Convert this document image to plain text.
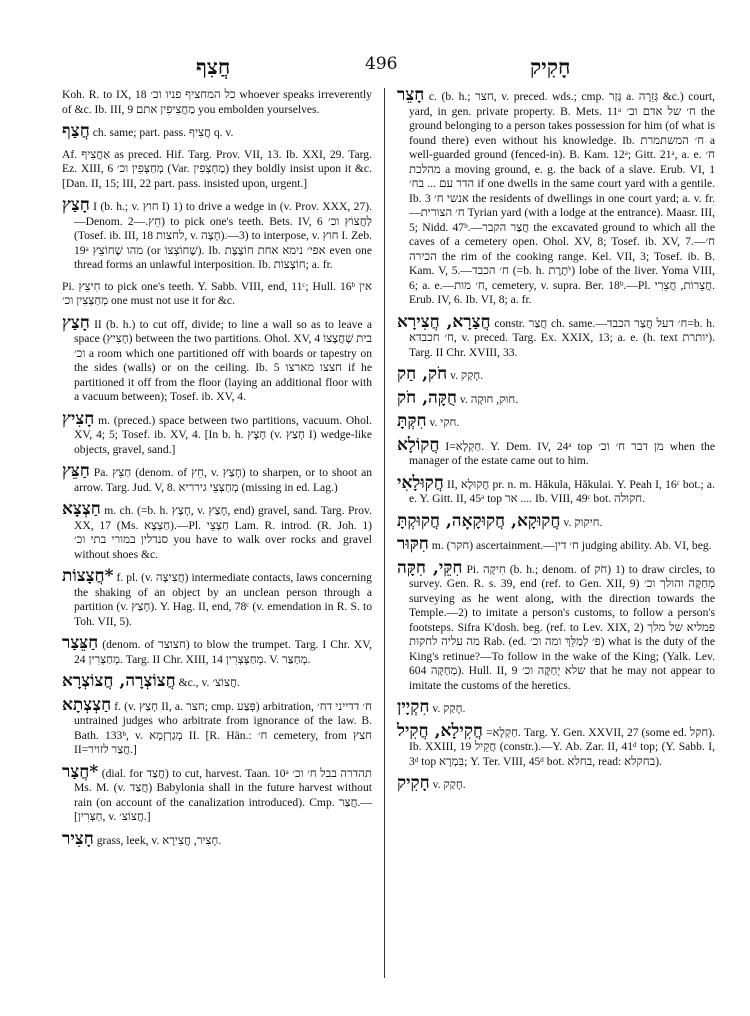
חֲצִף	496	חָקִיק

Koh. R. to IX, 18 כל המחציף פניו וכ׳ whoever speaks irreverently of &c. Ib. III, 9 מַחֲצִיפִין אתם you embolden yourselves.

חֲצַף ch. same; part. pass. חֲצִיף q. v.

Af. אַחֲצִיף as preced. Hif. Targ. Prov. VII, 13. Ib. XXI, 29. Targ. Ez. XIII, 6 מְחַצְּפִין וכ׳ (Var. מַחְצְפִין) they boldly insist upon it &c. [Dan. II, 15; III, 22 part. pass. insisted upon, urgent.]

חָצַץ I (b. h.; v. חוץ I) 1) to drive a wedge in (v. Prov. XXX, 27).—Denom. חֵץ.—2) to pick one's teeth. Bets. IV, 6 לַחֲצוֹץ וכ׳ (Tosef. ib. III, 18 לחצות, v. חָצָה).—3) to interpose, v. חוץ I. Zeb. 19ᵃ מהו שֶׁחוֹצֵץ (or שֶׁחוֹצְצוֹ). Ib. אפי׳ נימא אחת חוֹצֶצֶת even one thread forms an unlawful interposition. Ib. חוֹצְצוֹת; a. fr.

Pi. חִיצֵץ to pick one's teeth. Y. Sabb. VIII, end, 11ᶜ; Hull. 16ᵇ אין מְחַצְּצִין וכ׳ one must not use it for &c.

חָצַץ II (b. h.) to cut off, divide; to line a wall so as to leave a space (חָצִיץ) between the two partitions. Ohol. XV, 4 בית שֶׁחֲצָצוֹ וכ׳ a room which one partitioned off with boards or tapestry on the sides (walls) or on the ceiling. Ib. 5 חצצו מארצו if he partitioned it off from the floor (laying an additional floor with a vacuum between); Tosef. ib. XV, 4.

חָצִיץ m. (preced.) space between two partitions, vacuum. Ohol. XV, 4; 5; Tosef. ib. XV, 4. [In b. h. חָצָץ (v. חָצַץ I) wedge-like objects, gravel, sand.]

חַצֵּץ Pa. חַצֵּץ (denom. of חֵץ, v. חָצַץ) to sharpen, or to shoot an arrow. Targ. Jud. V, 8. מְחַצְּצֵי גירריא (missing in ed. Lag.)

חַצְצָא m. ch. (=b. h. חָצָץ, v. חָצַץ, end) gravel, sand. Targ. Prov. XX, 17 (Ms. חַצְצָא).—Pl. חַצְצֵי Lam. R. introd. (R. Joh. 1) סנדלין במורי בתי וכ׳ you have to walk over rocks and gravel without shoes &c.

*חֲצָצוֹת f. pl. (v. חֲצִיצָה) intermediate contacts, laws concerning the shaking of an object by an unclean person through a partition (v. חָצַץ). Y. Hag. II, end, 78ᶜ (v. emendation in R. S. to Toh. VII, 5).

חַצֵּצַר (denom. of חצוצר) to blow the trumpet. Targ. I Chr. XV, 24 מְחַצְּרִין. Targ. II Chr. XIII, 14 מְחַצְּצְרִין. V. מְחַצַּר.

חֲצוֹצְרָה, חֲצוֹצְרָא &c., v. חֲצוֹצ׳.

חַצְצְתָא f. (v. חָצַץ II, a. חצר; cmp. פְּצַע) arbitration, ח׳ דדייני דח׳ untrained judges who arbitrate from ignorance of the law. B. Bath. 133ᵇ, v. מְגַרְזְמָא II. [R. Hän.: ח׳ cemetery, from חצץ II=חֲצַר לזויר.]

*חֲצַר (dial. for חֲצַד) to cut, harvest. Taan. 10ᵃ תהדרה בבל ח׳ וכ׳ Ms. M. (v. חֲצַד) Babylonia shall in the future harvest without rain (on account of the canalization introduced). Cmp. חֲצַר.—[חַצְּרִין, v. חֲצוֹצ׳.]

חָצִיר grass, leek, v. חָצִיר, חֲצִירָא.

חָצֵר c. (b. h.; חצר, v. preced. wds.; cmp. גָּזַר a. גְּזֵרָה &c.) court, yard, in gen. private property. B. Mets. 11ᵃ ח׳ של אדם וכ׳ the ground belonging to a person takes possession for him (of what is found there) even without his knowledge. Ib. ח׳ המשתמרת a well-guarded ground (fenced-in). B. Kam. 12ᵃ; Gitt. 21ᵃ, a. e. ח׳ מהלכת a moving ground, e. g. the back of a slave. Erub. VI, 1 הדר עם ... בח׳ if one dwells in the same court yard with a gentile. Ib. 3 אנשי ח׳ the residents of dwellings in one court yard; a. v. fr.—ח׳ הצורית Tyrian yard (with a lodge at the entrance). Maasr. III, 5; Nidd. 47ᵇ.—חֲצַר הקבר the excavated ground to which all the caves of a cemetery open. Ohol. XV, 8; Tosef. ib. XV, 7.—ח׳ הכירה the rim of the cooking range. Kel. VII, 3; Tosef. ib. B. Kam. V, 5.—ח׳ הכבד (=b. h. יֹתֶרֶת) lobe of the liver. Yoma VIII, 6; a. e.—ח׳ מות, cemetery, v. supra. Ber. 18ᵇ.—Pl. חֲצֵרוֹת, חֲצֵרִי. Erub. IV, 6. Ib. VI, 8; a. fr.

חֲצַרָא, חֲצִירָא constr. חֲצַר ch. same.—ח׳ דעל חֲצַר הכבד=b. h. ח׳ חכבדא, v. preced. Targ. Ex. XXIX, 13; a. e. (h. text יותרת). Targ. II Chr. XVIII, 33.

חֹק, חַק v. חָקַק.

חֻקָּה, חֹק v. חוּק, חוּקָה.

חִקְּתָּ v. חקי.

חֲקוֹלָא I=חַקְלָא. Y. Dem. IV, 24ᵃ top מן דבר ח׳ וכ׳ when the manager of the estate came out to him.

חֲקוּלָאִי II, חֲקוּלָא pr. n. m. Hăkula, Hăkulai. Y. Peah I, 16ᶜ bot.; a. e. Y. Gitt. II, 45ᵃ top אר .... Ib. VIII, 49ᶜ bot. חקולה.

חֲקוּקָא, חֲקוּקָאָה, חֲקוּקְתָּ v. חיקוק.

חִקּוּר m. (חקר) ascertainment.—ח׳ דין judging ability. Ab. VI, beg.

חִקֵּי, חִקָּה Pi. חִיקָּה (b. h.; denom. of חֹק) 1) to draw circles, to survey. Gen. R. s. 39, end (ref. to Gen. XII, 9) מְחַקֶּה והולך וכ׳ surveying as he went along, with the direction towards the Temple.—2) to imitate a person's customs, to follow a person's footsteps. Sifra K'dosh. beg. (ref. to Lev. XIX, 2) פמליא של מלך מה עליה לחקות Rab. (ed. פ׳ לְמַלֵּךְ ומה וכ׳) what is the duty of the King's retinue?—To follow in the wake of the King; (Yalk. Lev. 604 מְחַקָּה). Hull. II, 9 שלא יְחַקֶּה וכ׳ that he may not appear to imitate the customs of the heretics.

חִקְיָין v. חָקַק.

חֲקִילָא, חֲקִיל =חַקְלָא. Targ. Y. Gen. XXVII, 27 (some ed. חקל). Ib. XXIII, 19 חֲקֵיל (constr.).—Y. Ab. Zar. II, 41ᵈ top; (Y. Sabb. I, 3ᵈ top בִּמְרָא; Y. Ter. VIII, 45ᵈ bot. בחלא, read: בחקלא).

חָקִיק v. חָקַק.
